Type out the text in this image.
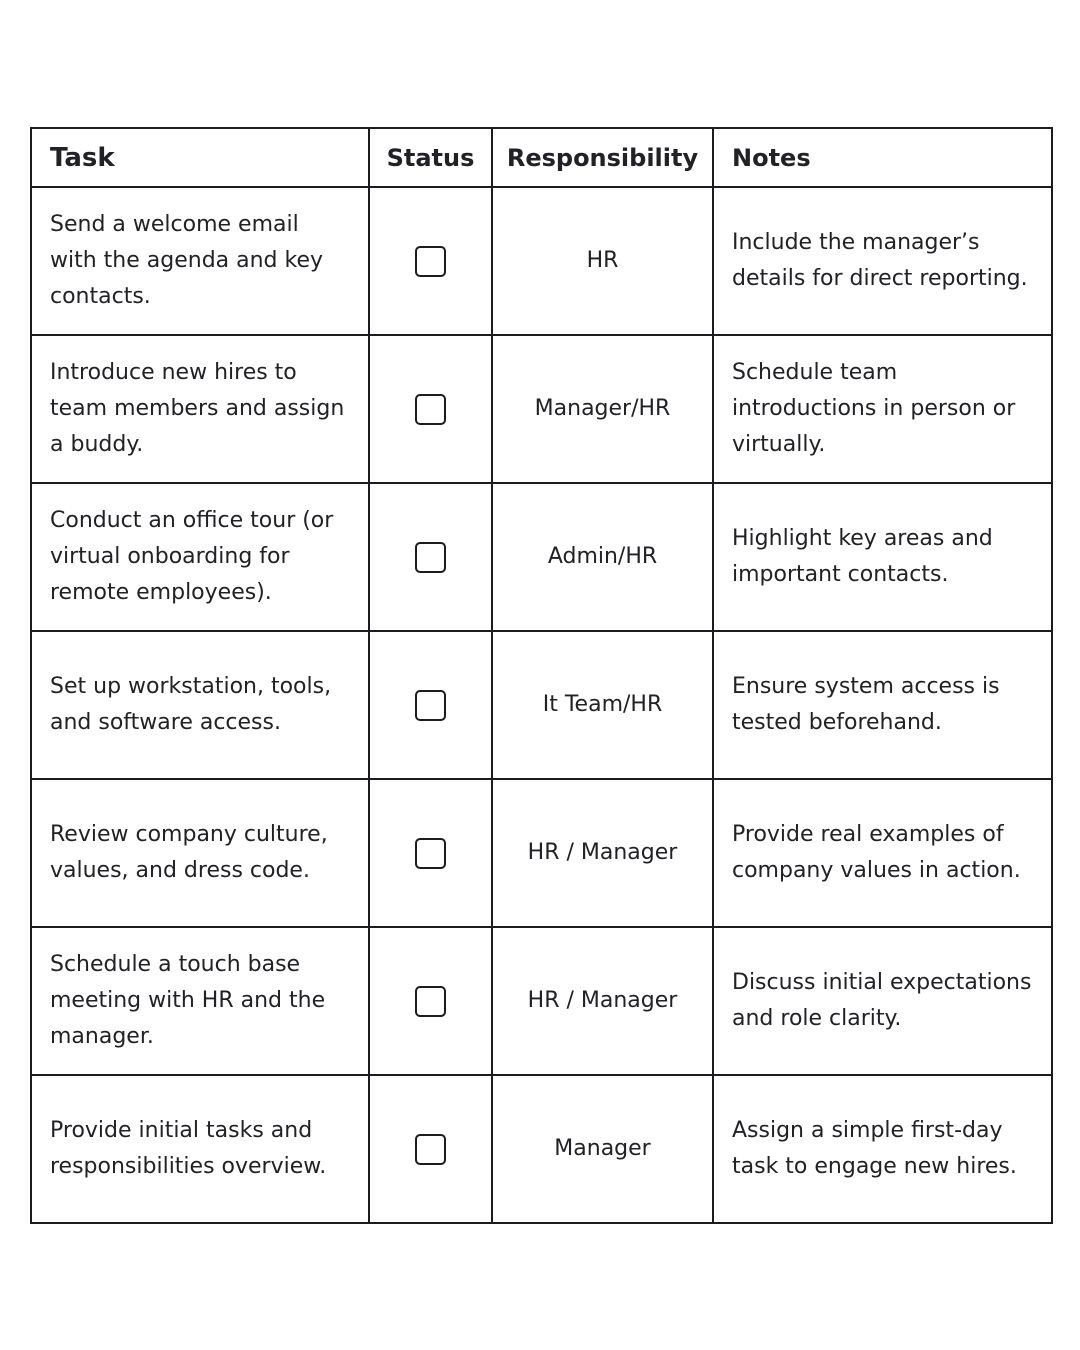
Task	Status	Responsibility	Notes
Send a welcome email with the agenda and key contacts.		HR	Include the manager’s details for direct reporting.
Introduce new hires to team members and assign a buddy.		Manager/HR	Schedule team introductions in person or virtually.
Conduct an office tour (or virtual onboarding for remote employees).		Admin/HR	Highlight key areas and important contacts.
Set up workstation, tools, and software access.		It Team/HR	Ensure system access is tested beforehand.
Review company culture, values, and dress code.		HR / Manager	Provide real examples of company values in action.
Schedule a touch base meeting with HR and the manager.		HR / Manager	Discuss initial expectations and role clarity.
Provide initial tasks and responsibilities overview.		Manager	Assign a simple first-day task to engage new hires.
